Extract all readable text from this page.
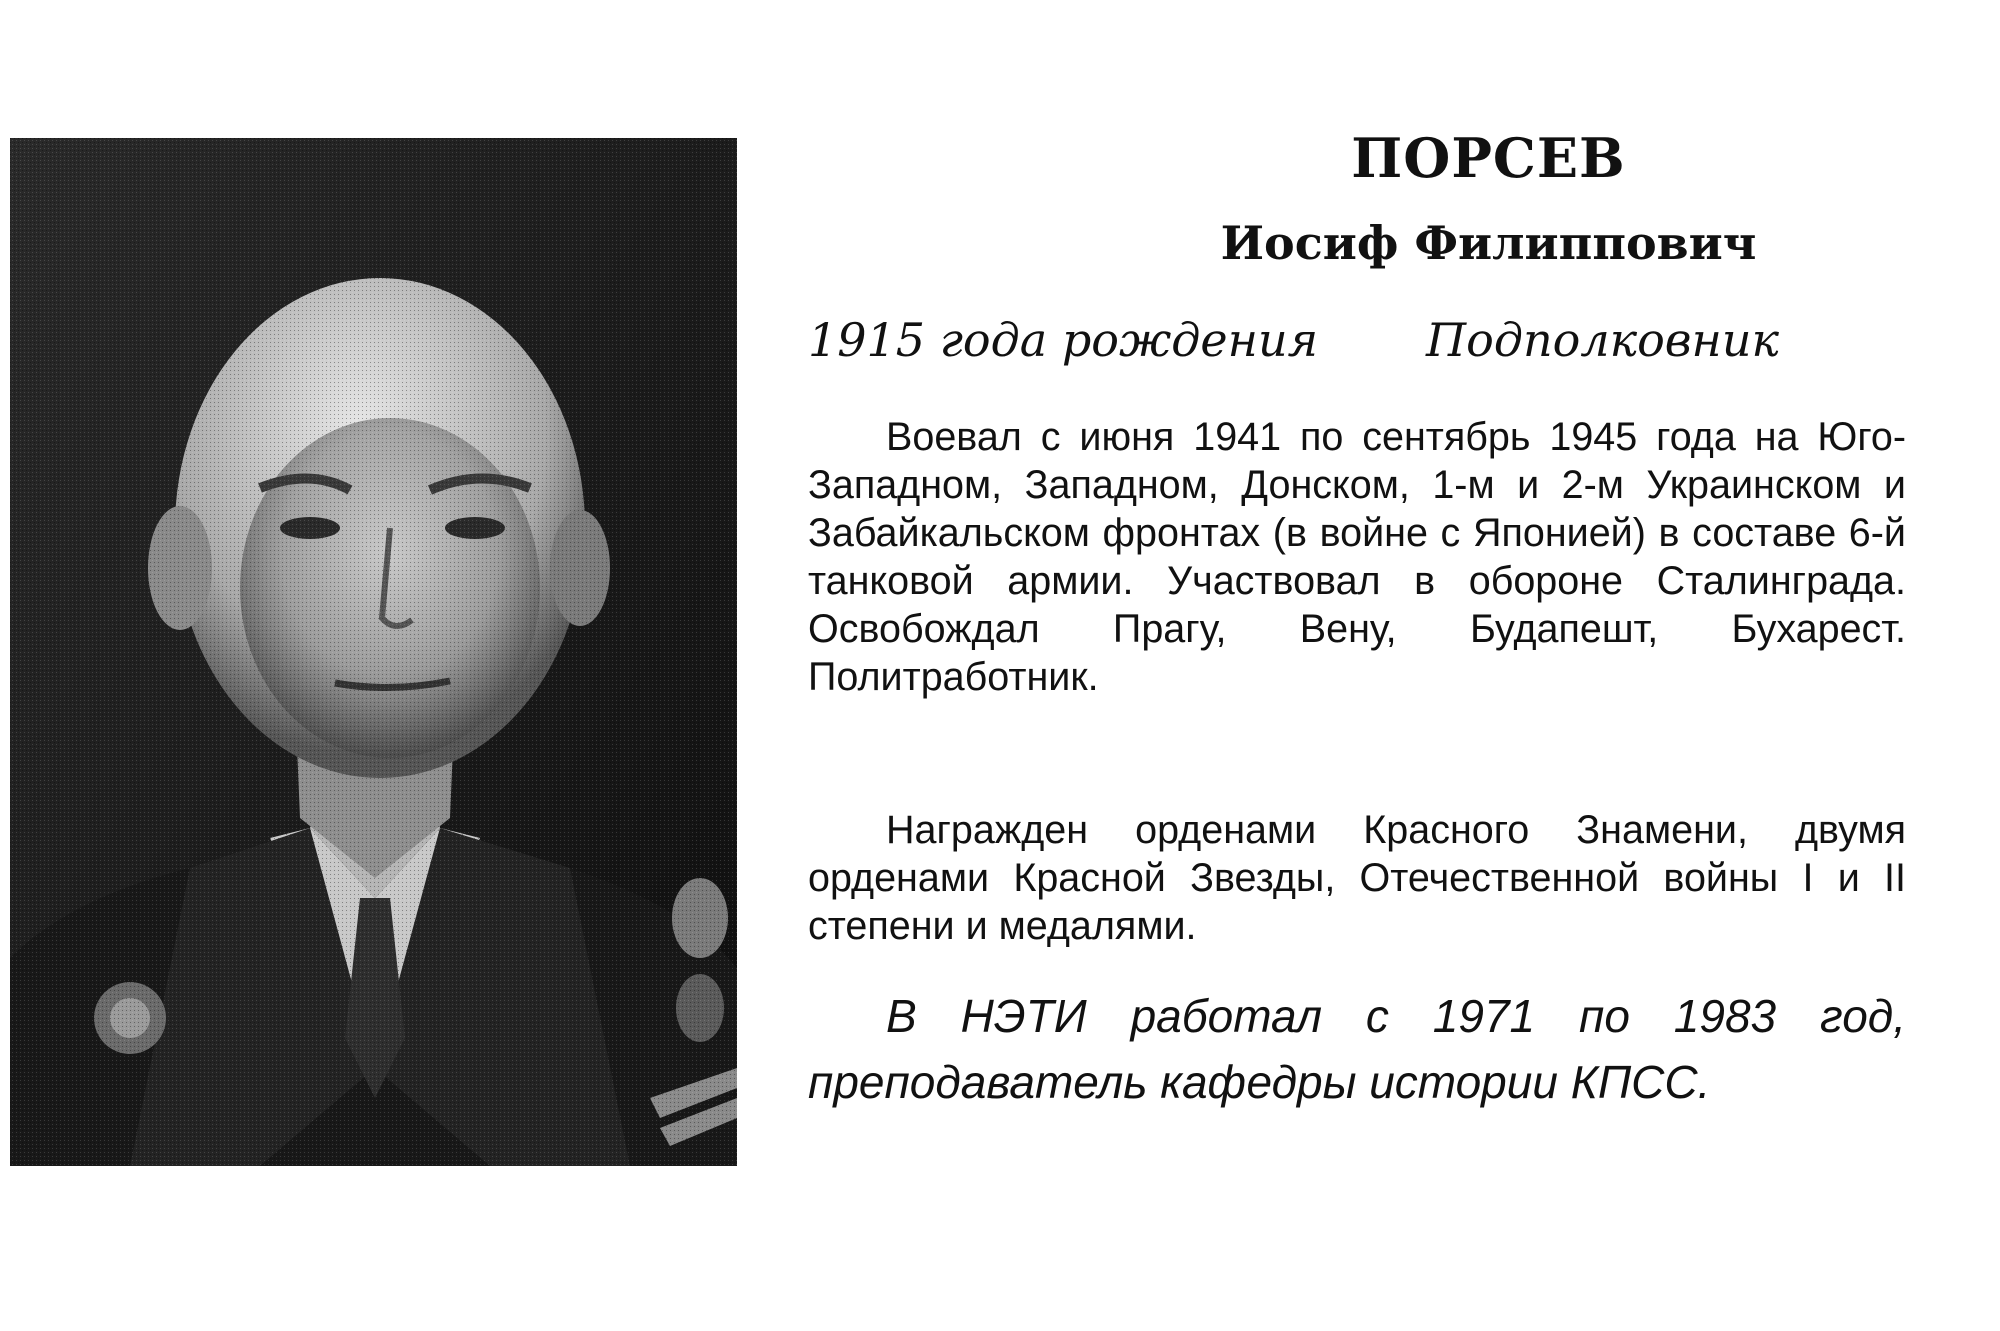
ПОРСЕВ
Иосиф Филиппович

1915 года рождения Подполковник

Воевал с июня 1941 по сентябрь 1945 года на Юго-Западном, Западном, Донском, 1-м и 2-м Украинском и Забайкальском фронтах (в войне с Японией) в составе 6-й танковой армии. Участвовал в обороне Сталинграда. Освобождал Прагу, Вену, Будапешт, Бухарест. Политработник.

Награжден орденами Красного Знамени, двумя орденами Красной Звезды, Отечественной войны I и II степени и медалями.

В НЭТИ работал с 1971 по 1983 год, преподаватель кафедры истории КПСС.
